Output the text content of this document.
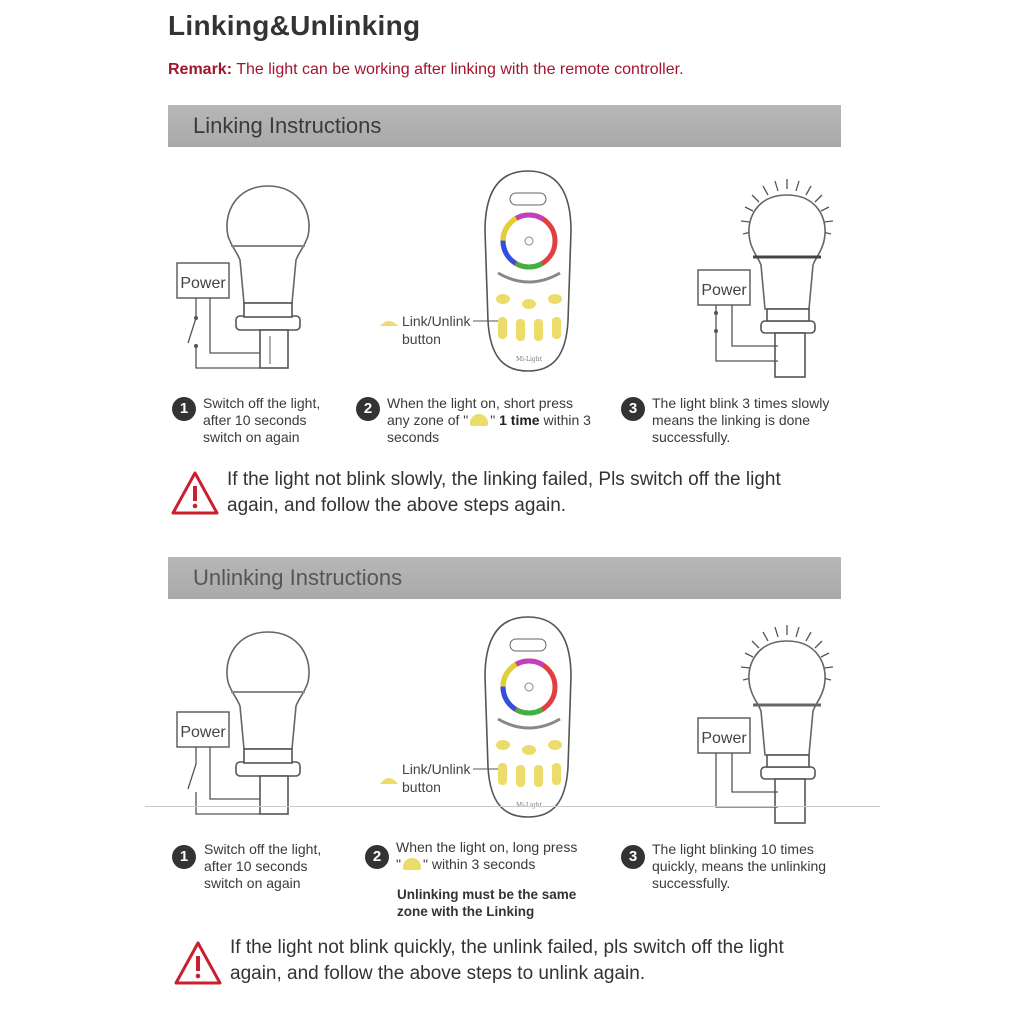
Linking&Unlinking
Remark: The light can be working after linking with the remote controller.
Linking Instructions
Power
Mi-Light
Link/Unlink
button
Power
1	Switch off the light,
after 10 seconds
switch on again
2	When the light on, short press
any zone of " " 1 time within 3
seconds
3	The light blink 3 times slowly
means the linking is done
successfully.
If the light not blink slowly, the linking failed, Pls switch off the light
again, and follow the above steps again.
Unlinking Instructions
Power
Link/Unlink
button
Power
1	Switch off the light,
after 10 seconds
switch on again
2
When the light on, long press
" " within 3 seconds
Unlinking must be the same
zone with the Linking
3	The light blinking 10 times
quickly, means the unlinking
successfully.
If the light not blink quickly, the unlink failed, pls switch off the light
again, and follow the above steps to unlink again.
